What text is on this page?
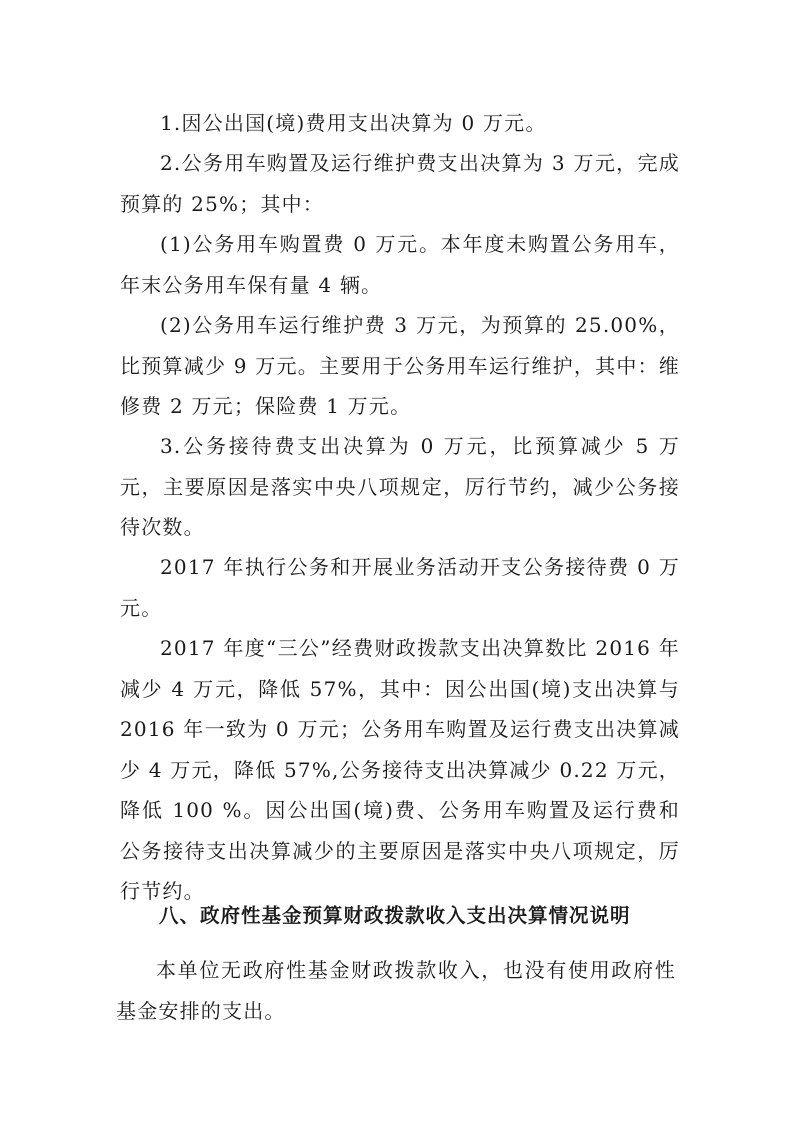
1.因公出国(境)费用支出决算为 0 万元。

2.公务用车购置及运行维护费支出决算为 3 万元，完成预算的 25%；其中：

(1)公务用车购置费 0 万元。本年度未购置公务用车，年末公务用车保有量 4 辆。

(2)公务用车运行维护费 3 万元，为预算的 25.00%，比预算减少 9 万元。主要用于公务用车运行维护，其中：维修费 2 万元；保险费 1 万元。

3.公务接待费支出决算为 0 万元，比预算减少 5 万元，主要原因是落实中央八项规定，厉行节约，减少公务接待次数。

2017 年执行公务和开展业务活动开支公务接待费 0 万元。

2017 年度“三公”经费财政拨款支出决算数比 2016 年减少 4 万元，降低 57%，其中：因公出国(境)支出决算与 2016 年一致为 0 万元；公务用车购置及运行费支出决算减少 4 万元，降低 57%,公务接待支出决算减少 0.22 万元，降低 100 %。因公出国(境)费、公务用车购置及运行费和公务接待支出决算减少的主要原因是落实中央八项规定，厉行节约。

八、政府性基金预算财政拨款收入支出决算情况说明

本单位无政府性基金财政拨款收入，也没有使用政府性基金安排的支出。
